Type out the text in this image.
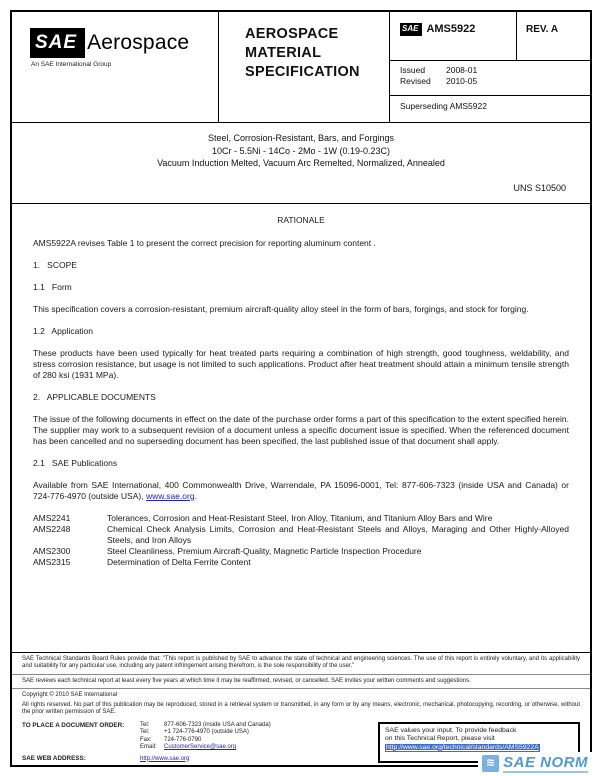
SAE Aerospace
An SAE International Group
AEROSPACE MATERIAL SPECIFICATION
SAE AMS5922	REV. A
Issued	2008-01
Revised	2010-05
Superseding AMS5922
Steel, Corrosion-Resistant, Bars, and Forgings
10Cr - 5.5Ni - 14Co - 2Mo - 1W (0.19-0.23C)
Vacuum Induction Melted, Vacuum Arc Remelted, Normalized, Annealed
UNS S10500
RATIONALE

AMS5922A revises Table 1 to present the correct precision for reporting aluminum content .

1.   SCOPE

1.1   Form

This specification covers a corrosion-resistant, premium aircraft-quality alloy steel in the form of bars, forgings, and stock for forging.

1.2   Application

These products have been used typically for heat treated parts requiring a combination of high strength, good toughness, weldability, and stress corrosion resistance, but usage is not limited to such applications. Product after heat treatment should attain a minimum tensile strength of 280 ksi (1931 MPa).

2.   APPLICABLE DOCUMENTS

The issue of the following documents in effect on the date of the purchase order forms a part of this specification to the extent specified herein. The supplier may work to a subsequent revision of a document unless a specific document issue is specified. When the referenced document has been cancelled and no superseding document has been specified, the last published issue of that document shall apply.

2.1   SAE Publications

Available from SAE International, 400 Commonwealth Drive, Warrendale, PA 15096-0001, Tel: 877-606-7323 (inside USA and Canada) or 724-776-4970 (outside USA), www.sae.org.

AMS2241	Tolerances, Corrosion and Heat-Resistant Steel, Iron Alloy, Titanium, and Titanium Alloy Bars and Wire
AMS2248	Chemical Check Analysis Limits, Corrosion and Heat-Resistant Steels and Alloys, Maraging and Other Highly-Alloyed Steels, and Iron Alloys
AMS2300	Steel Cleanliness, Premium Aircraft-Quality, Magnetic Particle Inspection Procedure
AMS2315	Determination of Delta Ferrite Content
SAE Technical Standards Board Rules provide that: "This report is published by SAE to advance the state of technical and engineering sciences. The use of this report is entirely voluntary, and its applicability and suitability for any particular use, including any patent infringement arising therefrom, is the sole responsibility of the user."
SAE reviews each technical report at least every five years at which time it may be reaffirmed, revised, or cancelled. SAE invites your written comments and suggestions.
Copyright © 2010 SAE International
All rights reserved. No part of this publication may be reproduced, stored in a retrieval system or transmitted, in any form or by any means, electronic, mechanical, photocopying, recording, or otherwise, without the prior written permission of SAE.
TO PLACE A DOCUMENT ORDER:	Tel:	877-606-7323 (inside USA and Canada)
Tel:	+1 724-776-4970 (outside USA)
Fax:	724-776-0790
Email:	CustomerService@sae.org
SAE WEB ADDRESS:	http://www.sae.org
SAE values your input. To provide feedback
on this Technical Report, please visit
http://www.sae.org/technical/standards/AMS5922A
≋ SAE NORM
